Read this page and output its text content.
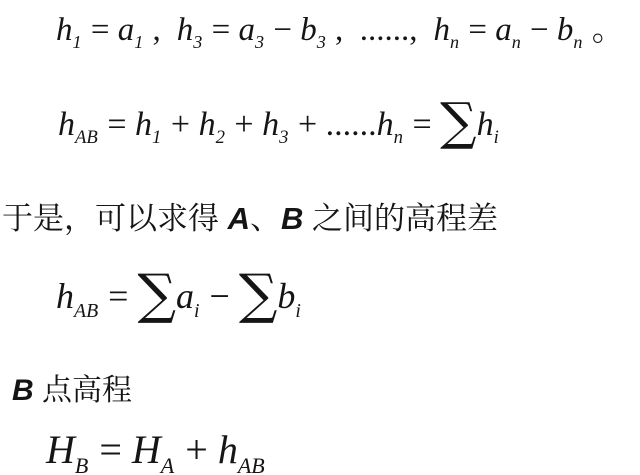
$h_1 = a_1$ , $h_3 = a_3 - b_3$ ,  ......, $h_n = a_n - b_n$ 。
$h_{AB} = h_1 + h_2 + h_3 + ......h_n = \sum h_i$
于是，可以求得 A、B 之间的高程差
$h_{AB} = \sum a_i - \sum b_i$
B 点高程
$H_B = H_A + h_{AB}$
